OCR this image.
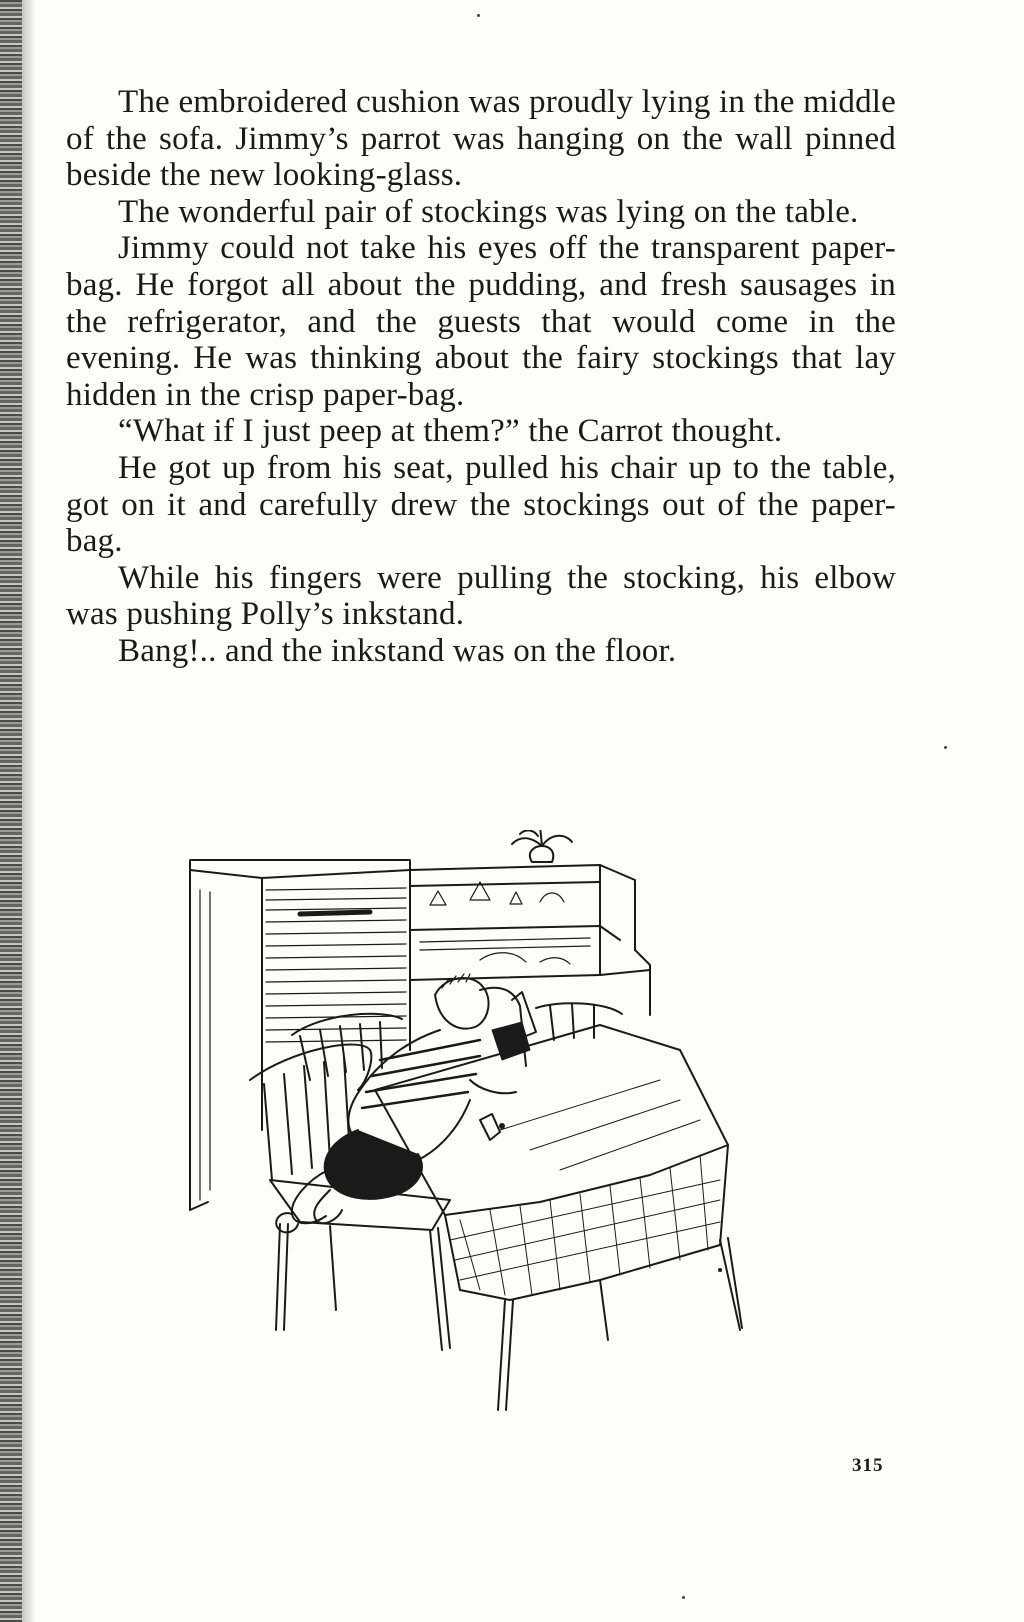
The embroidered cushion was proudly lying in the middle of the sofa. Jimmy’s parrot was hanging on the wall pinned beside the new looking-glass.

The wonderful pair of stockings was lying on the table.

Jimmy could not take his eyes off the transparent paper-bag. He forgot all about the pudding, and fresh sausages in the refrigerator, and the guests that would come in the evening. He was thinking about the fairy stockings that lay hidden in the crisp paper-bag.

“What if I just peep at them?” the Carrot thought.

He got up from his seat, pulled his chair up to the table, got on it and carefully drew the stockings out of the paper-bag.

While his fingers were pulling the stocking, his elbow was pushing Polly’s inkstand.

Bang!.. and the inkstand was on the floor.

315
